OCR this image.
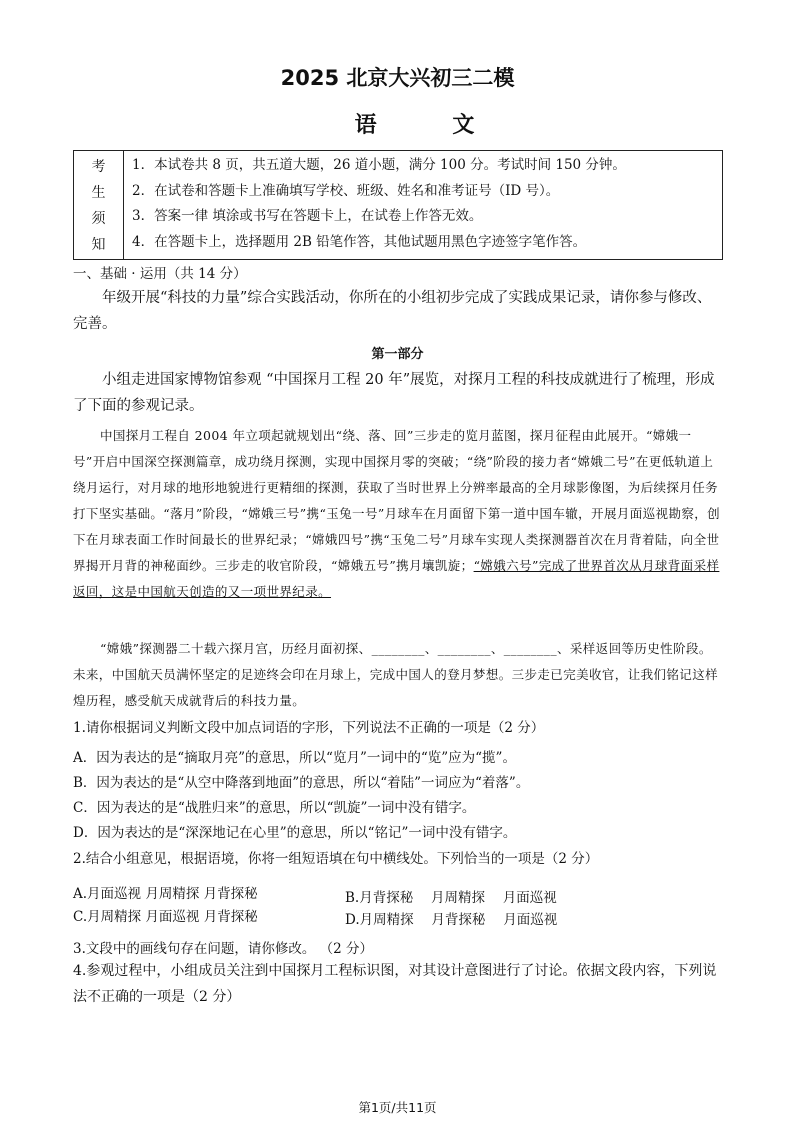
2025 北京大兴初三二模
语 文
考
生
须
知
1．本试卷共 8 页，共五道大题，26 道小题，满分 100 分。考试时间 150 分钟。
2．在试卷和答题卡上准确填写学校、班级、姓名和准考证号（ID 号）。
3．答案一律 填涂或书写在答题卡上，在试卷上作答无效。
4．在答题卡上，选择题用 2B 铅笔作答，其他试题用黑色字迹签字笔作答。
一、基础 · 运用（共 14 分）
年级开展“科技的力量”综合实践活动，你所在的小组初步完成了实践成果记录，请你参与修改、完善。
第一部分
小组走进国家博物馆参观 “中国探月工程 20 年”展览，对探月工程的科技成就进行了梳理，形成了下面的参观记录。
中国探月工程自 2004 年立项起就规划出“绕、落、回”三步走的览月蓝图，探月征程由此展开。“嫦娥一号”开启中国深空探测篇章，成功绕月探测，实现中国探月零的突破；“绕”阶段的接力者“嫦娥二号”在更低轨道上绕月运行，对月球的地形地貌进行更精细的探测，获取了当时世界上分辨率最高的全月球影像图，为后续探月任务打下坚实基础。“落月”阶段，“嫦娥三号”携“玉兔一号”月球车在月面留下第一道中国车辙，开展月面巡视勘察，创下在月球表面工作时间最长的世界纪录；“嫦娥四号”携“玉兔二号”月球车实现人类探测器首次在月背着陆，向全世界揭开月背的神秘面纱。三步走的收官阶段，“嫦娥五号”携月壤凯旋；“嫦娥六号”完成了世界首次从月球背面采样返回，这是中国航天创造的又一项世界纪录。
“嫦娥”探测器二十载六探月宫，历经月面初探、________、________、________、采样返回等历史性阶段。未来，中国航天员满怀坚定的足迹终会印在月球上，完成中国人的登月梦想。三步走已完美收官，让我们铭记这样煌历程，感受航天成就背后的科技力量。
1.请你根据词义判断文段中加点词语的字形，下列说法不正确的一项是（2 分）
A．因为表达的是“摘取月亮”的意思，所以“览月”一词中的“览”应为“揽”。
B．因为表达的是“从空中降落到地面”的意思，所以“着陆”一词应为“着落”。
C．因为表达的是“战胜归来”的意思，所以“凯旋”一词中没有错字。
D．因为表达的是“深深地记在心里”的意思，所以“铭记”一词中没有错字。
2.结合小组意见，根据语境，你将一组短语填在句中横线处。下列恰当的一项是（2 分）
A.月面巡视 月周精探 月背探秘	B.月背探秘　 月周精探　 月面巡视
C.月周精探 月面巡视 月背探秘	D.月周精探　 月背探秘　 月面巡视
3.文段中的画线句存在问题，请你修改。 （2 分）
4.参观过程中，小组成员关注到中国探月工程标识图，对其设计意图进行了讨论。依据文段内容，下列说法不正确的一项是（2 分）
第1页/共11页
